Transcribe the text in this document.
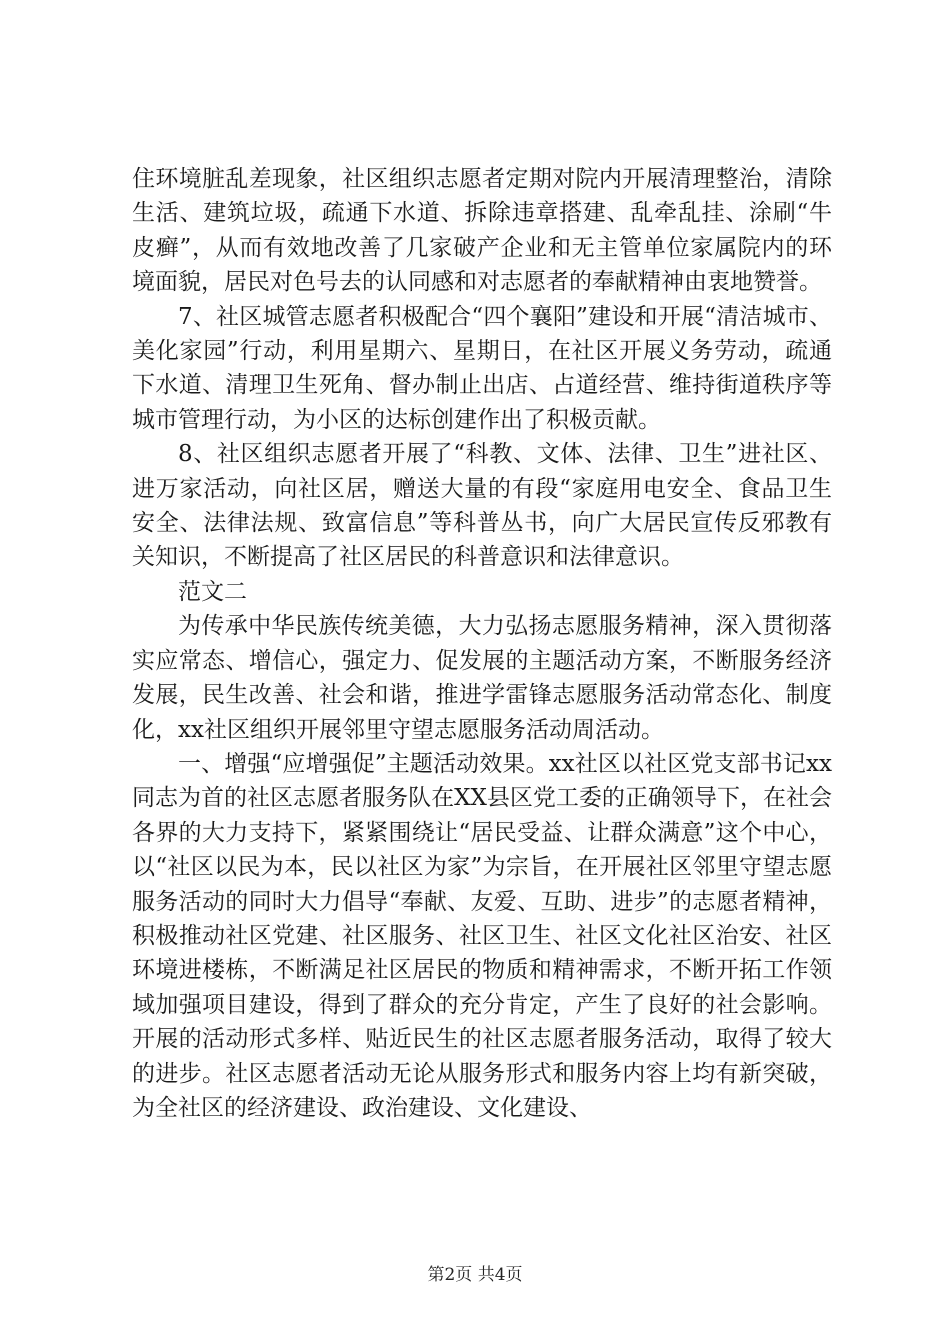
住环境脏乱差现象，社区组织志愿者定期对院内开展清理整治，清除生活、建筑垃圾，疏通下水道、拆除违章搭建、乱牵乱挂、涂刷“牛皮癣”，从而有效地改善了几家破产企业和无主管单位家属院内的环境面貌，居民对色号去的认同感和对志愿者的奉献精神由衷地赞誉。

7、社区城管志愿者积极配合“四个襄阳”建设和开展“清洁城市、美化家园”行动，利用星期六、星期日，在社区开展义务劳动，疏通下水道、清理卫生死角、督办制止出店、占道经营、维持街道秩序等城市管理行动，为小区的达标创建作出了积极贡献。

8、社区组织志愿者开展了“科教、文体、法律、卫生”进社区、进万家活动，向社区居，赠送大量的有段“家庭用电安全、食品卫生安全、法律法规、致富信息”等科普丛书，向广大居民宣传反邪教有关知识，不断提高了社区居民的科普意识和法律意识。

范文二

为传承中华民族传统美德，大力弘扬志愿服务精神，深入贯彻落实应常态、增信心，强定力、促发展的主题活动方案，不断服务经济发展，民生改善、社会和谐，推进学雷锋志愿服务活动常态化、制度化，xx社区组织开展邻里守望志愿服务活动周活动。

一、增强“应增强促”主题活动效果。xx社区以社区党支部书记xx同志为首的社区志愿者服务队在XX县区党工委的正确领导下，在社会各界的大力支持下，紧紧围绕让“居民受益、让群众满意”这个中心，以“社区以民为本，民以社区为家”为宗旨，在开展社区邻里守望志愿服务活动的同时大力倡导“奉献、友爱、互助、进步”的志愿者精神，积极推动社区党建、社区服务、社区卫生、社区文化社区治安、社区环境进楼栋，不断满足社区居民的物质和精神需求，不断开拓工作领域加强项目建设，得到了群众的充分肯定，产生了良好的社会影响。开展的活动形式多样、贴近民生的社区志愿者服务活动，取得了较大的进步。社区志愿者活动无论从服务形式和服务内容上均有新突破，为全社区的经济建设、政治建设、文化建设、

第2页 共4页
